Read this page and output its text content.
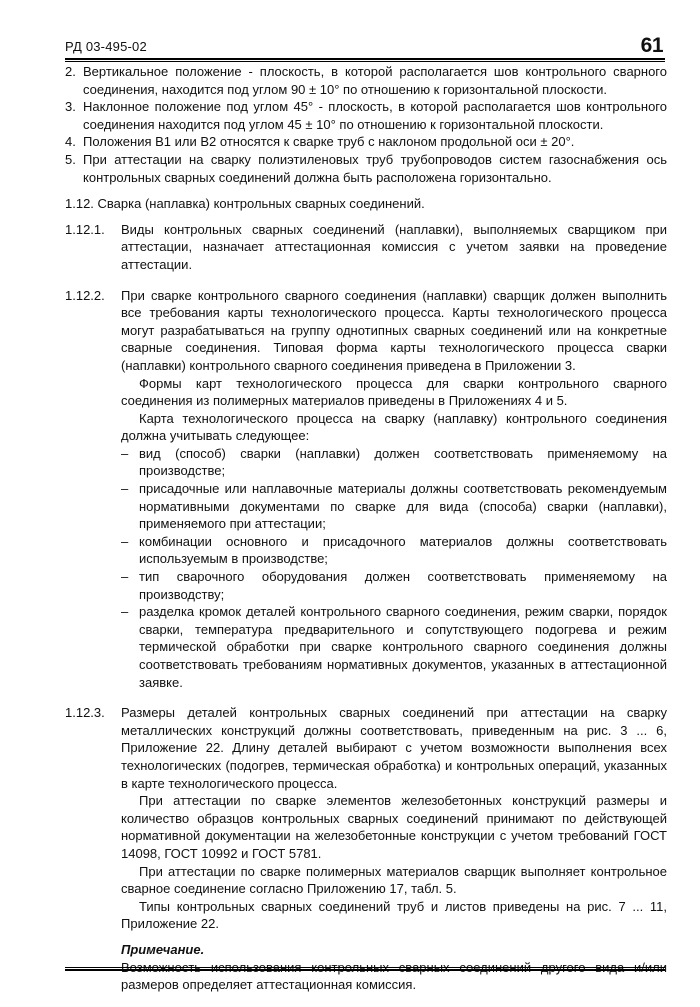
РД 03-495-02	61

2. Вертикальное положение - плоскость, в которой располагается шов контрольного сварного соединения, находится под углом 90 ± 10° по отношению к горизонтальной плоскости.

3. Наклонное положение под углом 45° - плоскость, в которой располагается шов контрольного соединения находится под углом 45 ± 10° по отношению к горизонтальной плоскости.

4. Положения В1 или В2 относятся к сварке труб с наклоном продольной оси ± 20°.

5. При аттестации на сварку полиэтиленовых труб трубопроводов систем газоснабжения ось контрольных сварных соединений должна быть расположена горизонтально.

1.12. Сварка (наплавка) контрольных сварных соединений.

1.12.1. Виды контрольных сварных соединений (наплавки), выполняемых сварщиком при аттестации, назначает аттестационная комиссия с учетом заявки на проведение аттестации.

1.12.2. При сварке контрольного сварного соединения (наплавки) сварщик должен выполнить все требования карты технологического процесса. Карты технологического процесса могут разрабатываться на группу однотипных сварных соединений или на конкретные сварные соединения. Типовая форма карты технологического процесса сварки (наплавки) контрольного сварного соединения приведена в Приложении 3.

Формы карт технологического процесса для сварки контрольного сварного соединения из полимерных материалов приведены в Приложениях 4 и 5.

Карта технологического процесса на сварку (наплавку) контрольного соединения должна учитывать следующее:

– вид (способ) сварки (наплавки) должен соответствовать применяемому на производстве;
– присадочные или наплавочные материалы должны соответствовать рекомендуемым нормативными документами по сварке для вида (способа) сварки (наплавки), применяемого при аттестации;
– комбинации основного и присадочного материалов должны соответствовать используемым в производстве;
– тип сварочного оборудования должен соответствовать применяемому на производству;
– разделка кромок деталей контрольного сварного соединения, режим сварки, порядок сварки, температура предварительного и сопутствующего подогрева и режим термической обработки при сварке контрольного сварного соединения должны соответствовать требованиям нормативных документов, указанных в аттестационной заявке.

1.12.3. Размеры деталей контрольных сварных соединений при аттестации на сварку металлических конструкций должны соответствовать, приведенным на рис. 3 ... 6, Приложение 22. Длину деталей выбирают с учетом возможности выполнения всех технологических (подогрев, термическая обработка) и контрольных операций, указанных в карте технологического процесса.

При аттестации по сварке элементов железобетонных конструкций размеры и количество образцов контрольных сварных соединений принимают по действующей нормативной документации на железобетонные конструкции с учетом требований ГОСТ 14098, ГОСТ 10992 и ГОСТ 5781.

При аттестации по сварке полимерных материалов сварщик выполняет контрольное сварное соединение согласно Приложению 17, табл. 5.

Типы контрольных сварных соединений труб и листов приведены на рис. 7 ... 11, Приложение 22.

Примечание.

Возможность использования контрольных сварных соединений другого вида и/или размеров определяет аттестационная комиссия.
